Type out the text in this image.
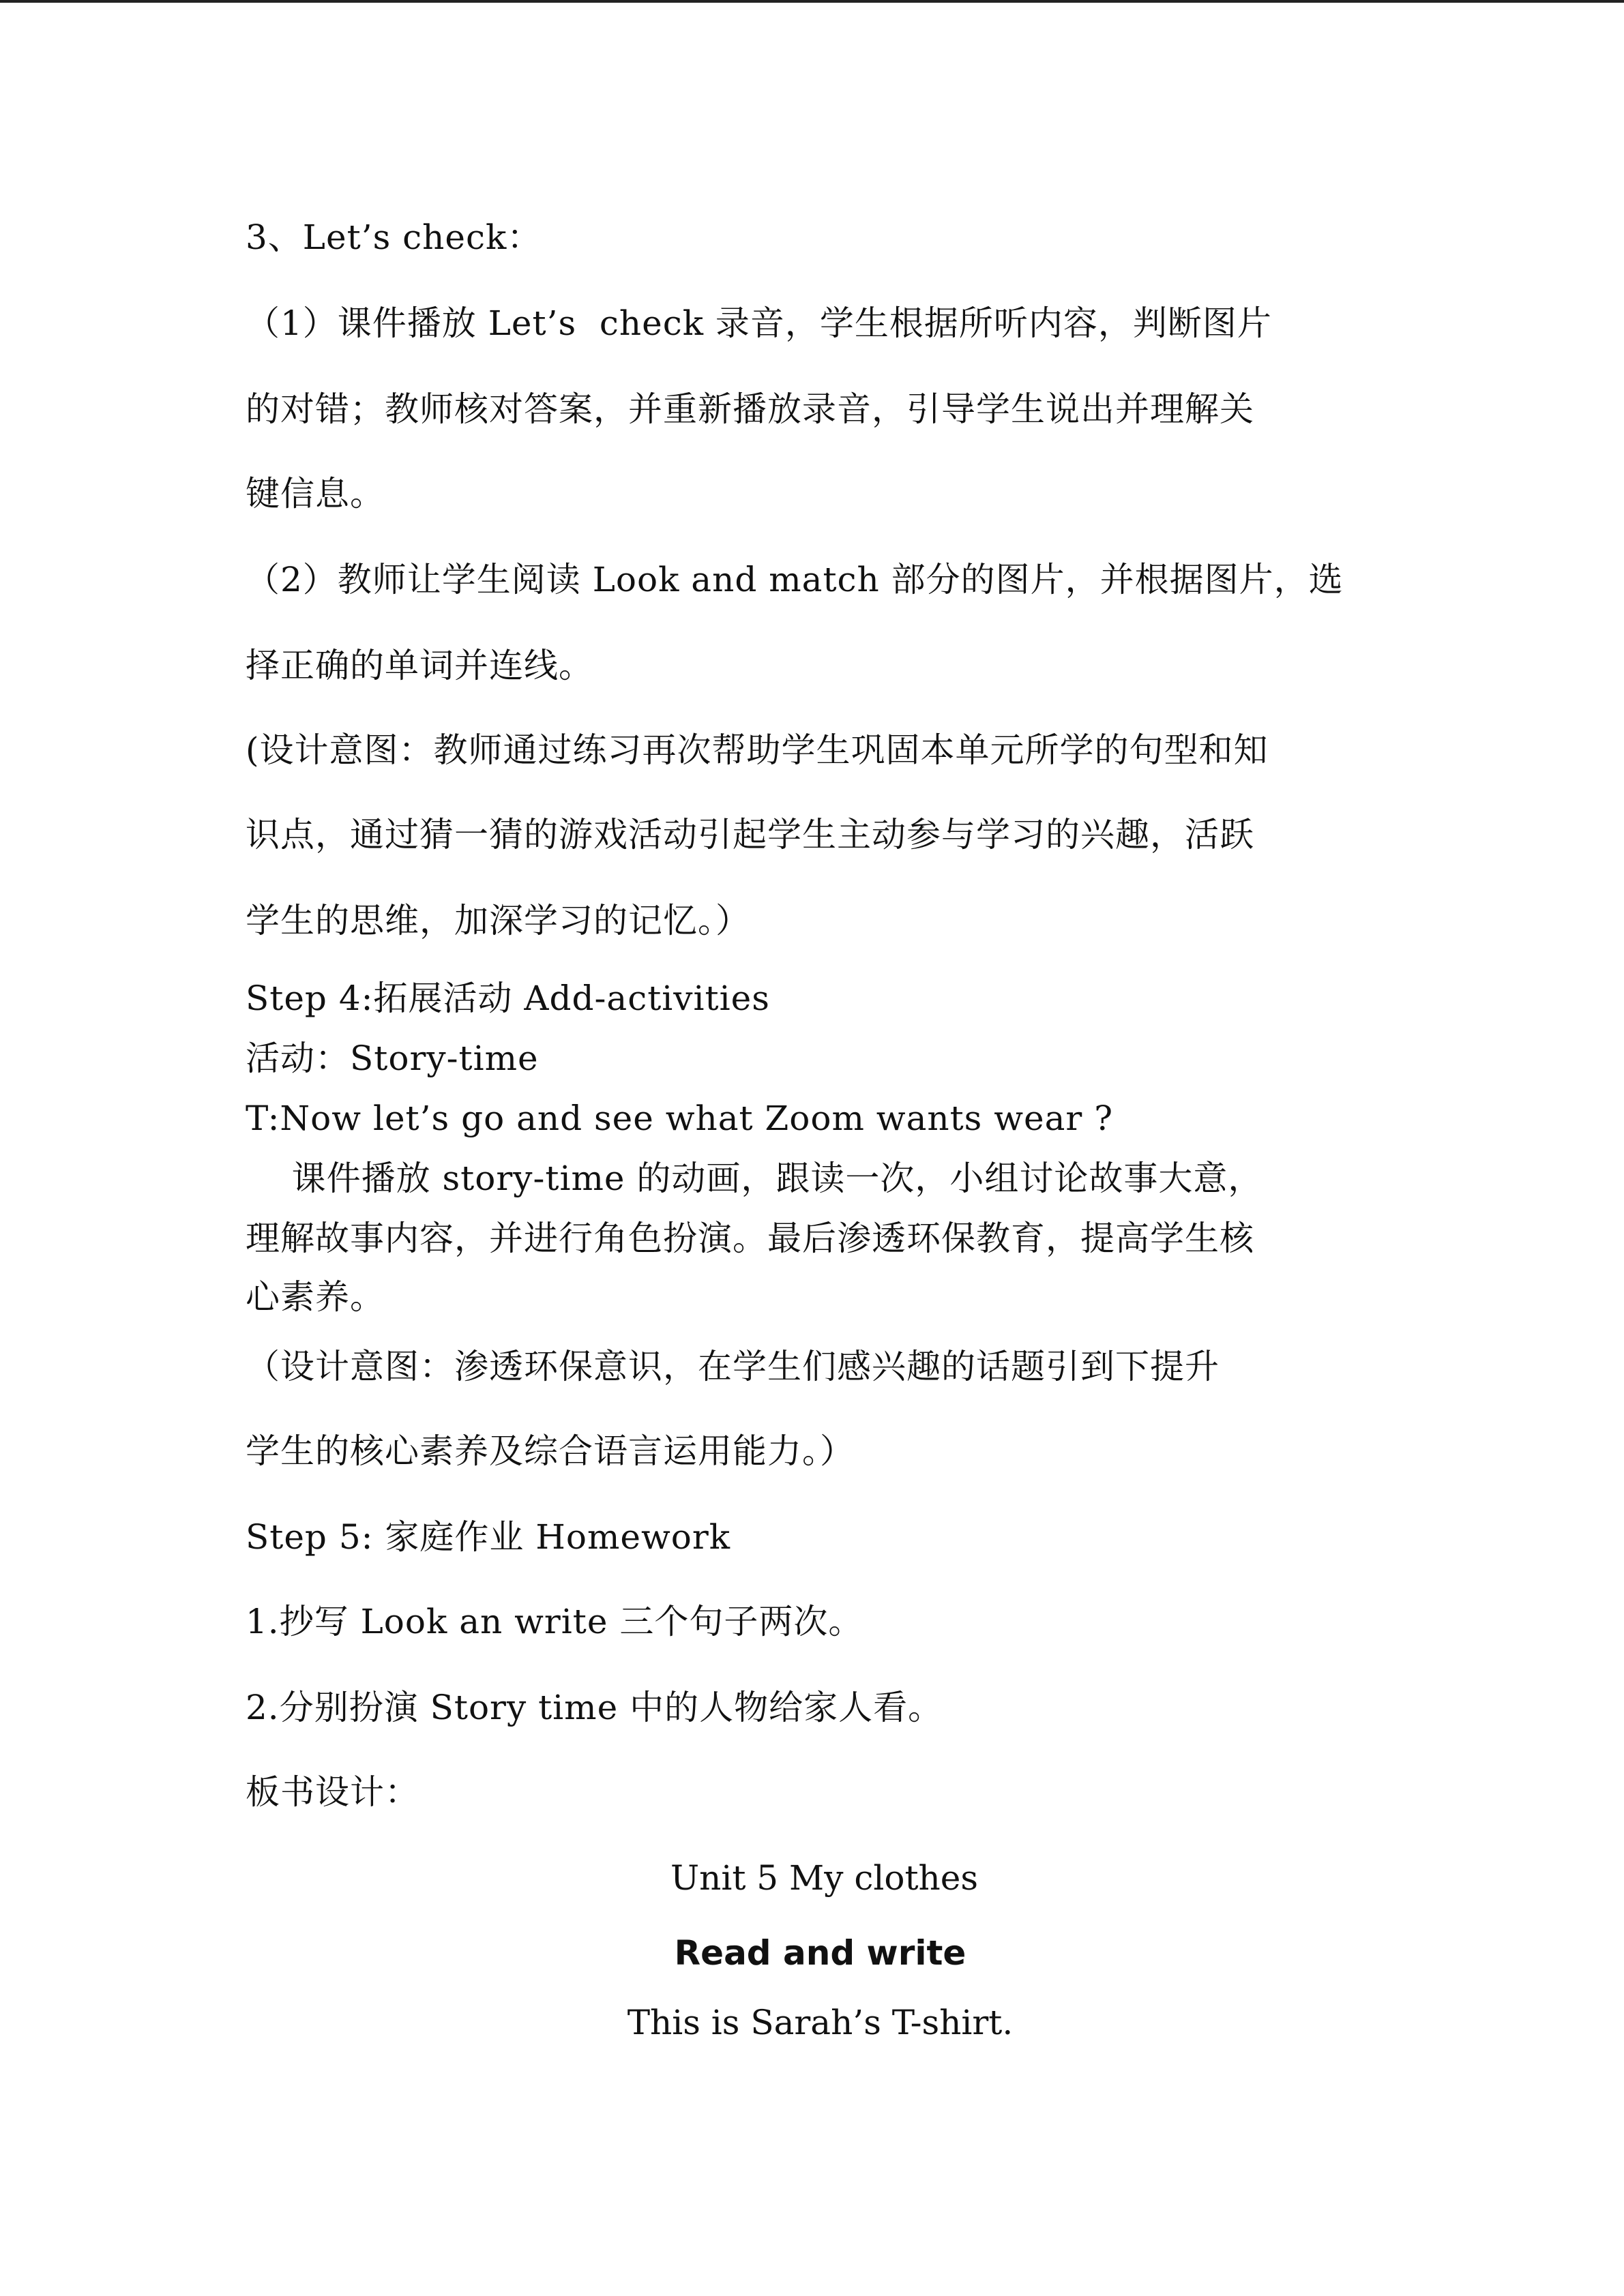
3、Let’s check：
（1）课件播放 Let’s  check 录音，学生根据所听内容，判断图片
的对错；教师核对答案，并重新播放录音，引导学生说出并理解关
键信息。
（2）教师让学生阅读 Look and match 部分的图片，并根据图片，选
择正确的单词并连线。
(设计意图：教师通过练习再次帮助学生巩固本单元所学的句型和知
识点，通过猜一猜的游戏活动引起学生主动参与学习的兴趣，活跃
学生的思维，加深学习的记忆。）
Step 4:拓展活动 Add-activities
活动：Story-time
T:Now let’s go and see what Zoom wants wear ?
课件播放 story-time 的动画，跟读一次，小组讨论故事大意，
理解故事内容，并进行角色扮演。最后渗透环保教育，提高学生核
心素养。
（设计意图：渗透环保意识，在学生们感兴趣的话题引到下提升
学生的核心素养及综合语言运用能力。）
Step 5: 家庭作业 Homework
1.抄写 Look an write 三个句子两次。
2.分别扮演 Story time 中的人物给家人看。
板书设计：
Unit 5 My clothes
Read and write
This is Sarah’s T-shirt.
